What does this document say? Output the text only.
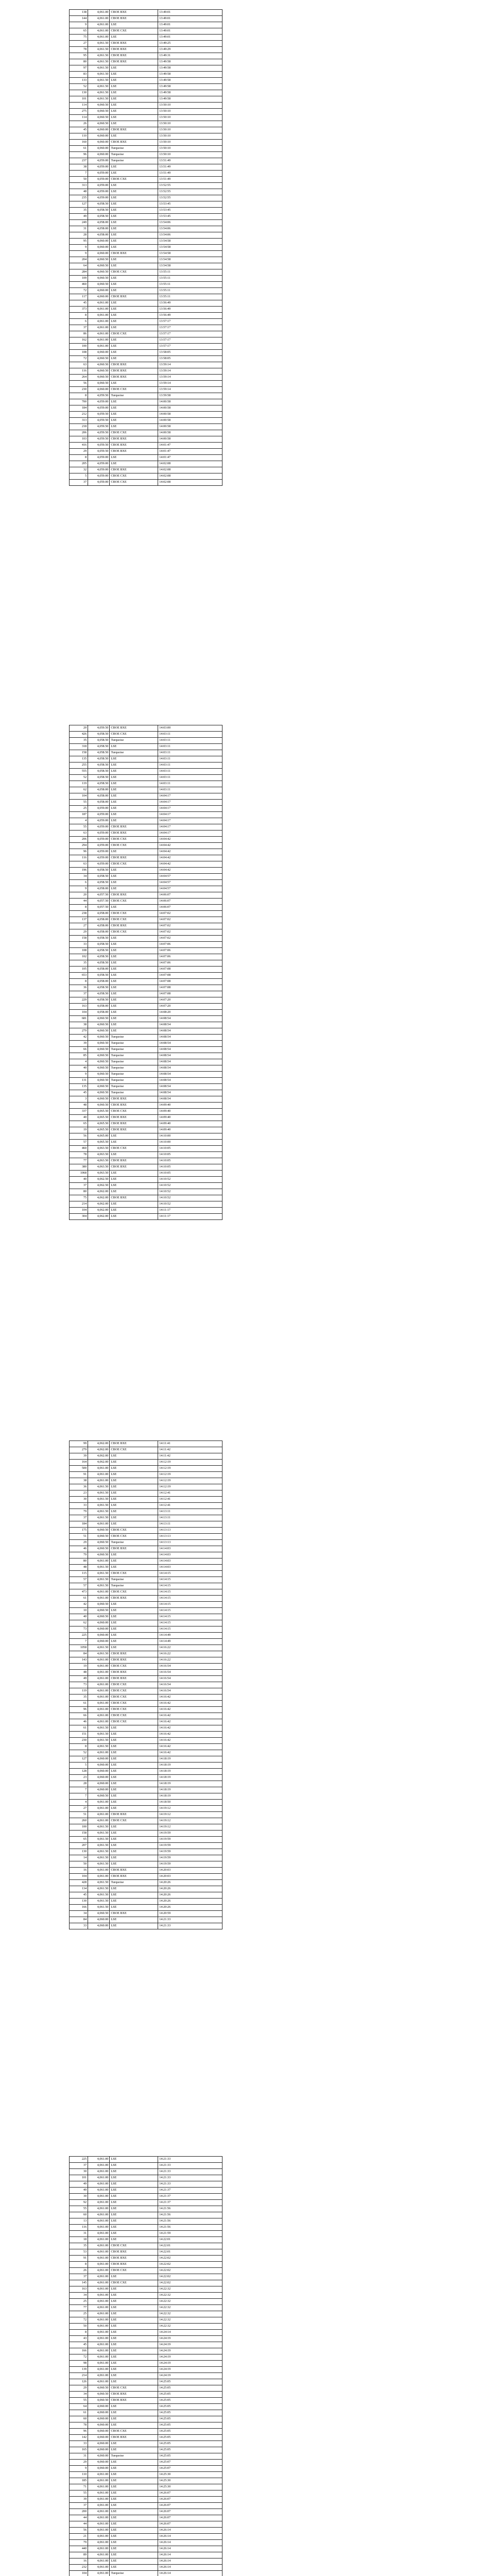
138	4,061.00	CBOE BXE	13:49:01
144	4,061.00	CBOE BXE	13:49:01
9	4,061.00	LSE	13:49:01
65	4,061.00	CBOE CXE	13:49:01
75	4,061.00	LSE	13:49:01
27	4,061.50	CBOE BXE	13:49:25
78	4,061.50	CBOE BXE	13:49:29
95	4,061.50	CBOE BXE	13:49:31
80	4,061.50	CBOE BXE	13:49:58
97	4,061.50	LSE	13:49:58
83	4,061.50	LSE	13:49:58
133	4,061.50	LSE	13:49:58
52	4,061.50	LSE	13:49:58
130	4,061.50	LSE	13:49:58
101	4,061.50	LSE	13:49:58
114	4,060.50	LSE	13:50:10
275	4,060.50	LSE	13:50:10
114	4,060.50	LSE	13:50:10
26	4,060.50	LSE	13:50:10
45	4,060.00	CBOE BXE	13:50:10
110	4,060.00	LSE	13:50:10
160	4,060.00	CBOE BXE	13:50:10
61	4,060.00	Turquoise	13:50:10
96	4,060.00	Turquoise	13:50:10
237	4,059.00	Turquoise	13:51:49
38	4,059.00	LSE	13:51:49
7	4,059.00	LSE	13:51:49
50	4,059.00	CBOE CXE	13:51:49
313	4,059.00	LSE	13:52:55
48	4,059.00	LSE	13:52:55
235	4,059.00	LSE	13:52:55
127	4,058.50	LSE	13:53:45
35	4,058.50	LSE	13:53:45
49	4,058.50	LSE	13:53:45
249	4,058.00	LSE	13:54:06
31	4,058.00	LSE	13:54:06
28	4,058.00	LSE	13:54:06
95	4,060.00	LSE	13:54:58
9	4,060.00	LSE	13:54:58
9	4,060.00	CBOE BXE	13:54:58
204	4,060.50	LSE	13:54:58
64	4,060.50	LSE	13:54:58
284	4,060.50	CBOE CXE	13:55:11
109	4,060.50	LSE	13:55:11
460	4,060.50	LSE	13:55:11
72	4,060.00	LSE	13:55:11
117	4,060.00	CBOE BXE	13:55:11
45	4,061.00	LSE	13:56:49
373	4,061.00	LSE	13:56:49
8	4,061.00	LSE	13:56:49
6	4,061.00	LSE	13:57:17
37	4,061.00	LSE	13:57:17
86	4,061.00	CBOE CXE	13:57:17
162	4,061.00	LSE	13:57:17
100	4,061.00	LSE	13:57:17
108	4,060.00	LSE	13:58:05
72	4,060.50	LSE	13:58:05
63	4,060.50	CBOE BXE	13:59:14
116	4,060.50	CBOE BXE	13:59:14
264	4,060.50	CBOE BXE	13:59:14
56	4,060.50	LSE	13:59:14
230	4,060.00	CBOE CXE	13:59:14
8	4,059.50	Turquoise	13:59:58
700	4,059.00	LSE	14:00:58
184	4,059.00	LSE	14:00:58
212	4,059.50	LSE	14:00:58
313	4,059.50	LSE	14:00:58
218	4,059.50	LSE	14:00:58
206	4,059.50	CBOE CXE	14:00:58
103	4,059.50	CBOE BXE	14:00:58
416	4,059.50	CBOE BXE	14:01:47
29	4,059.50	CBOE BXE	14:01:47
8	4,059.00	LSE	14:01:47
205	4,059.00	LSE	14:02:08
32	4,059.00	CBOE BXE	14:02:08
5	4,059.00	CBOE CXE	14:02:08
37	4,059.00	CBOE CXE	14:02:08
20	4,059.50	CBOE BXE	14:03:00
426	4,058.50	CBOE CXE	14:03:11
35	4,058.50	Turquoise	14:03:11
318	4,058.50	LSE	14:03:11
158	4,058.50	Turquoise	14:03:11
135	4,058.50	LSE	14:03:11
255	4,058.50	LSE	14:03:11
555	4,058.50	LSE	14:03:11
52	4,058.50	LSE	14:03:11
119	4,058.50	LSE	14:03:11
62	4,058.00	LSE	14:03:11
104	4,058.00	LSE	14:04:17
55	4,058.00	LSE	14:04:17
25	4,059.00	LSE	14:04:17
187	4,059.00	LSE	14:04:17
4	4,059.00	LSE	14:04:17
55	4,059.00	CBOE BXE	14:04:17
63	4,059.00	CBOE BXE	14:04:17
206	4,059.00	CBOE CXE	14:04:42
294	4,059.00	CBOE CXE	14:04:42
96	4,059.00	LSE	14:04:42
116	4,059.00	CBOE BXE	14:04:42
63	4,059.00	CBOE CXE	14:04:42
196	4,058.50	LSE	14:04:42
34	4,058.50	LSE	14:04:57
6	4,058.50	LSE	14:04:57
9	4,058.00	LSE	14:04:57
20	4,057.50	CBOE BXE	14:06:07
44	4,057.50	CBOE CXE	14:06:07
8	4,057.50	LSE	14:06:07
238	4,058.00	CBOE CXE	14:07:02
137	4,058.00	CBOE CXE	14:07:02
27	4,058.00	CBOE BXE	14:07:02
29	4,058.00	CBOE CXE	14:07:02
158	4,058.50	LSE	14:07:02
33	4,058.50	LSE	14:07:06
108	4,058.50	LSE	14:07:06
102	4,058.50	LSE	14:07:06
35	4,058.50	LSE	14:07:06
105	4,058.00	LSE	14:07:08
653	4,058.50	LSE	14:07:08
8	4,058.00	LSE	14:07:08
36	4,058.50	LSE	14:07:08
37	4,058.50	LSE	14:07:08
229	4,058.50	LSE	14:07:20
163	4,058.00	LSE	14:07:20
104	4,058.00	LSE	14:08:20
681	4,060.50	LSE	14:08:54
38	4,060.50	LSE	14:08:54
279	4,060.50	LSE	14:08:54
42	4,060.50	Turquoise	14:08:54
39	4,060.50	Turquoise	14:08:54
66	4,060.50	Turquoise	14:08:54
85	4,060.50	Turquoise	14:08:54
4	4,060.50	Turquoise	14:08:54
40	4,060.50	Turquoise	14:08:54
9	4,060.50	Turquoise	14:08:54
131	4,060.50	Turquoise	14:08:54
135	4,060.50	Turquoise	14:08:54
45	4,060.50	Turquoise	14:08:54
3	4,060.50	CBOE BXE	14:08:54
48	4,060.50	CBOE BXE	14:09:40
337	4,065.50	CBOE CXE	14:09:40
40	4,065.50	CBOE BXE	14:09:40
65	4,065.50	CBOE BXE	14:09:40
19	4,065.50	CBOE BXE	14:09:40
56	4,065.00	LSE	14:10:00
57	4,065.50	LSE	14:10:00
460	4,063.50	CBOE CXE	14:10:05
78	4,063.50	LSE	14:10:05
77	4,063.50	CBOE BXE	14:10:05
380	4,063.50	CBOE BXE	14:10:05
1068	4,063.50	LSE	14:10:05
40	4,062.50	LSE	14:10:52
37	4,062.50	LSE	14:10:52
80	4,062.00	LSE	14:10:52
75	4,062.00	CBOE BXE	14:10:52
214	4,062.00	LSE	14:10:52
104	4,062.00	LSE	14:11:17
304	4,062.00	LSE	14:11:17
99	4,062.00	CBOE BXE	14:11:41
279	4,062.00	CBOE CXE	14:11:42
39	4,062.00	LSE	14:11:42
164	4,062.00	LSE	14:12:19
500	4,061.00	LSE	14:12:19
91	4,061.00	LSE	14:12:19
38	4,061.00	LSE	14:12:19
36	4,061.50	LSE	14:12:19
23	4,061.50	LSE	14:12:41
30	4,061.50	LSE	14:12:41
33	4,061.50	LSE	14:12:41
79	4,061.50	LSE	14:13:11
37	4,061.50	LSE	14:13:11
184	4,061.00	LSE	14:13:11
175	4,060.50	CBOE CXE	14:13:13
51	4,060.50	CBOE CXE	14:13:13
29	4,060.50	Turquoise	14:13:13
46	4,060.50	CBOE BXE	14:14:03
79	4,060.50	LSE	14:14:03
80	4,061.00	LSE	14:14:03
48	4,061.50	LSE	14:14:03
115	4,061.50	CBOE CXE	14:14:15
57	4,061.50	Turquoise	14:14:15
57	4,061.50	Turquoise	14:14:15
473	4,061.00	CBOE CXE	14:14:15
61	4,061.00	CBOE BXE	14:14:15
42	4,060.50	LSE	14:14:15
10	4,060.50	LSE	14:14:15
40	4,060.50	LSE	14:14:15
62	4,060.00	LSE	14:14:15
73	4,060.00	LSE	14:14:15
225	4,060.00	LSE	14:14:49
7	4,060.00	LSE	14:14:49
1058	4,061.50	LSE	14:16:22
84	4,061.50	CBOE BXE	14:16:22
143	4,061.00	CBOE BXE	14:16:22
19	4,061.00	CBOE CXE	14:16:54
48	4,061.00	CBOE BXE	14:16:54
49	4,061.00	CBOE BXE	14:16:54
73	4,061.00	CBOE CXE	14:16:54
119	4,061.00	CBOE CXE	14:16:54
35	4,061.00	CBOE CXE	14:16:42
61	4,061.00	CBOE CXE	14:16:42
96	4,061.00	CBOE CXE	14:16:42
66	4,061.00	CBOE CXE	14:16:42
46	4,061.00	CBOE CXE	14:16:42
61	4,061.50	LSE	14:16:42
151	4,061.50	LSE	14:16:42
230	4,061.50	LSE	14:16:42
8	4,061.50	LSE	14:16:42
52	4,061.00	LSE	14:16:42
127	4,060.00	LSE	14:18:19
5	4,060.00	LSE	14:18:19
128	4,060.00	LSE	14:18:19
23	4,060.00	LSE	14:18:19
28	4,060.00	LSE	14:18:19
7	4,060.00	LSE	14:18:19
7	4,060.50	LSE	14:18:19
4	4,061.00	LSE	14:18:50
27	4,061.00	LSE	14:19:12
51	4,061.00	CBOE BXE	14:19:12
260	4,061.00	CBOE CXE	14:19:12
100	4,061.50	LSE	14:19:12
158	4,061.50	LSE	14:19:59
65	4,061.50	LSE	14:19:59
207	4,061.50	LSE	14:19:59
130	4,061.50	LSE	14:19:59
14	4,061.50	LSE	14:19:59
50	4,061.50	LSE	14:19:59
16	4,061.00	CBOE BXE	14:20:03
104	4,061.00	CBOE BXE	14:20:03
428	4,061.50	Turquoise	14:20:26
134	4,061.50	LSE	14:20:26
45	4,061.50	LSE	14:20:26
130	4,061.50	LSE	14:20:26
166	4,061.50	LSE	14:20:26
34	4,060.50	CBOE BXE	14:20:59
84	4,060.00	LSE	14:21:33
33	4,060.00	LSE	14:21:33
225	4,061.00	LSE	14:21:33
37	4,061.00	LSE	14:21:33
30	4,061.00	LSE	14:21:33
101	4,061.00	LSE	14:21:33
49	4,061.00	LSE	14:21:33
49	4,061.00	LSE	14:21:37
30	4,061.00	LSE	14:21:37
92	4,061.00	LSE	14:21:37
55	4,061.00	LSE	14:21:56
60	4,061.00	LSE	14:21:56
13	4,061.00	LSE	14:21:56
116	4,061.00	LSE	14:21:56
31	4,061.00	LSE	14:21:59
18	4,061.00	LSE	14:22:01
35	4,061.00	CBOE CXE	14:22:01
53	4,061.00	CBOE BXE	14:22:01
91	4,061.00	CBOE BXE	14:22:02
8	4,061.00	CBOE BXE	14:22:02
26	4,061.00	CBOE CXE	14:22:02
37	4,061.00	LSE	14:22:02
145	4,061.00	CBOE CXE	14:22:02
163	4,061.00	LSE	14:22:32
34	4,061.00	LSE	14:22:32
25	4,061.00	LSE	14:22:32
77	4,061.00	LSE	14:22:32
25	4,061.00	LSE	14:22:32
72	4,061.00	LSE	14:22:32
50	4,061.00	LSE	14:22:32
8	4,061.00	LSE	14:24:14
43	4,061.00	LSE	14:24:19
45	4,061.00	LSE	14:24:19
166	4,061.00	LSE	14:24:19
72	4,061.00	LSE	14:24:19
98	4,061.00	LSE	14:24:19
139	4,061.00	LSE	14:24:19
214	4,061.00	LSE	14:24:19
126	4,061.00	LSE	14:25:05
29	4,060.50	CBOE CXE	14:25:05
34	4,060.50	CBOE BXE	14:25:05
55	4,060.50	CBOE BXE	14:25:05
64	4,060.00	LSE	14:25:05
61	4,060.00	LSE	14:25:05
60	4,060.00	LSE	14:25:05
78	4,060.00	LSE	14:25:05
96	4,060.00	CBOE CXE	14:25:05
142	4,060.00	CBOE BXE	14:25:05
33	4,060.00	LSE	14:25:05
165	4,060.00	LSE	14:25:05
31	4,060.00	Turquoise	14:25:05
29	4,060.00	LSE	14:25:07
9	4,060.00	LSE	14:25:07
110	4,061.00	LSE	14:25:30
185	4,061.00	LSE	14:25:30
71	4,061.00	LSE	14:25:30
55	4,061.00	LSE	14:26:07
39	4,061.00	LSE	14:26:07
37	4,061.00	LSE	14:26:07
200	4,061.00	LSE	14:26:07
44	4,061.00	LSE	14:26:07
44	4,061.00	LSE	14:26:07
56	4,061.00	LSE	14:26:14
21	4,061.00	LSE	14:26:14
79	4,061.00	LSE	14:26:14
440	4,061.00	LSE	14:26:14
89	4,061.00	LSE	14:26:14
16	4,061.00	LSE	14:26:14
232	4,061.00	LSE	14:26:14
104	4,061.00	Turquoise	14:26:14
